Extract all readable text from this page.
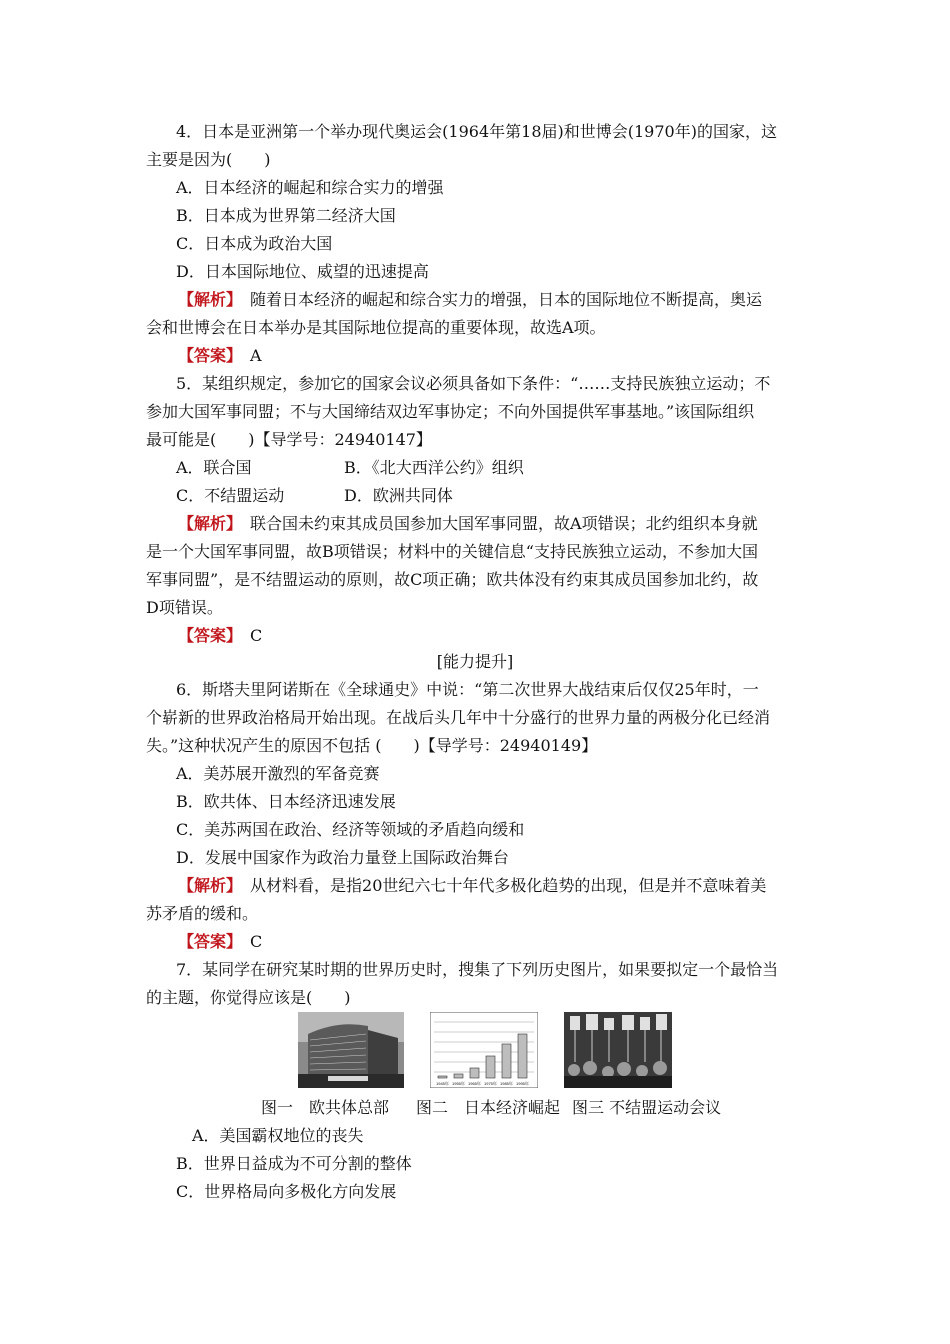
4．日本是亚洲第一个举办现代奥运会(1964年第18届)和世博会(1970年)的国家，这
主要是因为(　　)
A．日本经济的崛起和综合实力的增强
B．日本成为世界第二经济大国
C．日本成为政治大国
D．日本国际地位、威望的迅速提高
【解析】　随着日本经济的崛起和综合实力的增强，日本的国际地位不断提高，奥运
会和世博会在日本举办是其国际地位提高的重要体现，故选A项。
【答案】　A
5．某组织规定，参加它的国家会议必须具备如下条件：“……支持民族独立运动；不
参加大国军事同盟；不与大国缔结双边军事协定；不向外国提供军事基地。”该国际组织
最可能是(　　)【导学号：24940147】
A．联合国	B．《北大西洋公约》组织
C．不结盟运动	D．欧洲共同体
【解析】　联合国未约束其成员国参加大国军事同盟，故A项错误；北约组织本身就
是一个大国军事同盟，故B项错误；材料中的关键信息“支持民族独立运动，不参加大国
军事同盟”，是不结盟运动的原则，故C项正确；欧共体没有约束其成员国参加北约，故
D项错误。
【答案】　C
[能力提升]
6．斯塔夫里阿诺斯在《全球通史》中说：“第二次世界大战结束后仅仅25年时，一
个崭新的世界政治格局开始出现。在战后头几年中十分盛行的世界力量的两极分化已经消
失。”这种状况产生的原因不包括 (　　)【导学号：24940149】
A．美苏展开激烈的军备竞赛
B．欧共体、日本经济迅速发展
C．美苏两国在政治、经济等领域的矛盾趋向缓和
D．发展中国家作为政治力量登上国际政治舞台
【解析】　从材料看，是指20世纪六七十年代多极化趋势的出现，但是并不意味着美
苏矛盾的缓和。
【答案】　C
7．某同学在研究某时期的世界历史时，搜集了下列历史图片，如果要拟定一个最恰当
的主题，你觉得应该是(　　)
1945年 1955年 1965年 1975年 1985年 1995年
图一　欧共体总部 图二　日本经济崛起 图三 不结盟运动会议
A．美国霸权地位的丧失
B．世界日益成为不可分割的整体
C．世界格局向多极化方向发展
